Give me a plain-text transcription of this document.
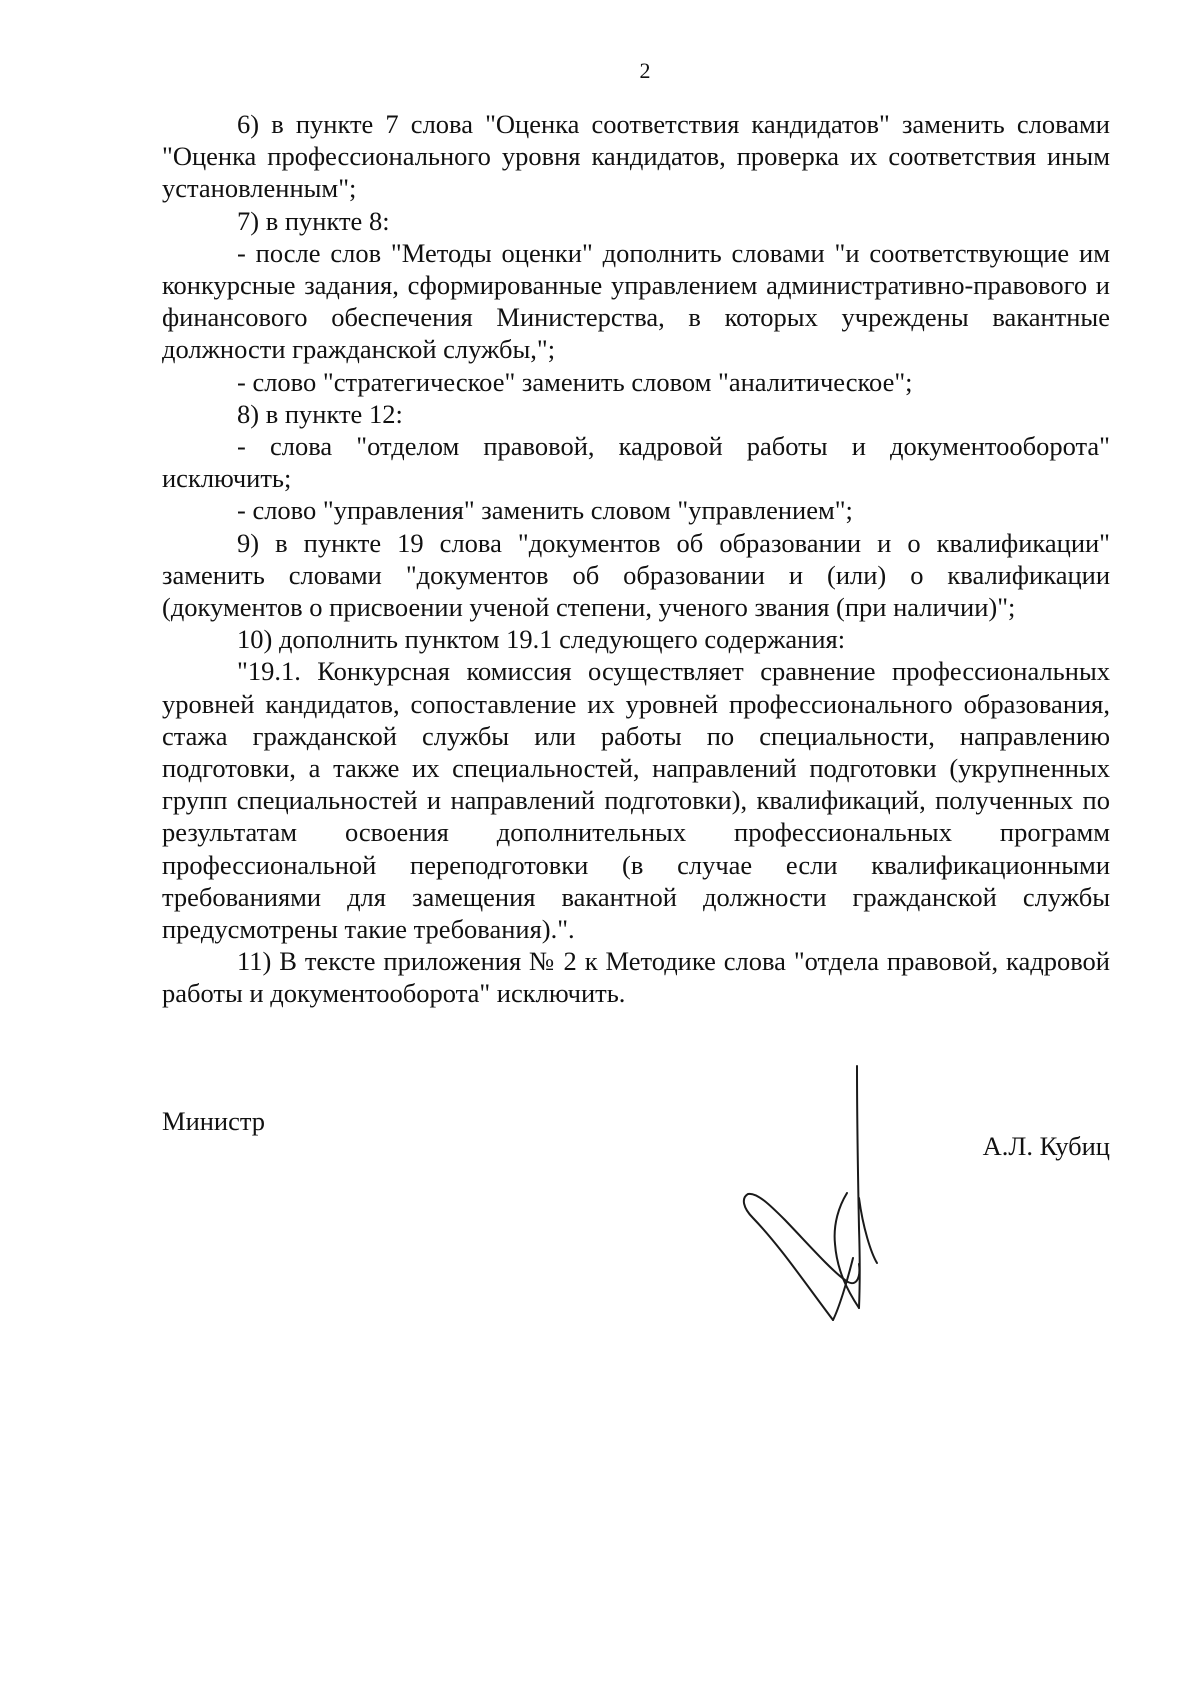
2

6) в пункте 7 слова "Оценка соответствия кандидатов" заменить словами "Оценка профессионального уровня кандидатов, проверка их соответствия иным установленным";

7) в пункте 8:

- после слов "Методы оценки" дополнить словами "и соответствующие им конкурсные задания, сформированные управлением административно-правового и финансового обеспечения Министерства, в которых учреждены вакантные должности гражданской службы,";

- слово "стратегическое" заменить словом "аналитическое";

8) в пункте 12:

- слова "отделом правовой, кадровой работы и документооборота" исключить;

- слово "управления" заменить словом "управлением";

9) в пункте 19 слова "документов об образовании и о квалификации" заменить словами "документов об образовании и (или) о квалификации (документов о присвоении ученой степени, ученого звания (при наличии)";

10) дополнить пунктом 19.1 следующего содержания:

"19.1. Конкурсная комиссия осуществляет сравнение профессиональных уровней кандидатов, сопоставление их уровней профессионального образования, стажа гражданской службы или работы по специальности, направлению подготовки, а также их специальностей, направлений подготовки (укрупненных групп специальностей и направлений подготовки), квалификаций, полученных по результатам освоения дополнительных профессиональных программ профессиональной переподготовки (в случае если квалификационными требованиями для замещения вакантной должности гражданской службы предусмотрены такие требования).".

11) В тексте приложения № 2 к Методике слова "отдела правовой, кадровой работы и документооборота" исключить.

Министр
А.Л. Кубиц
